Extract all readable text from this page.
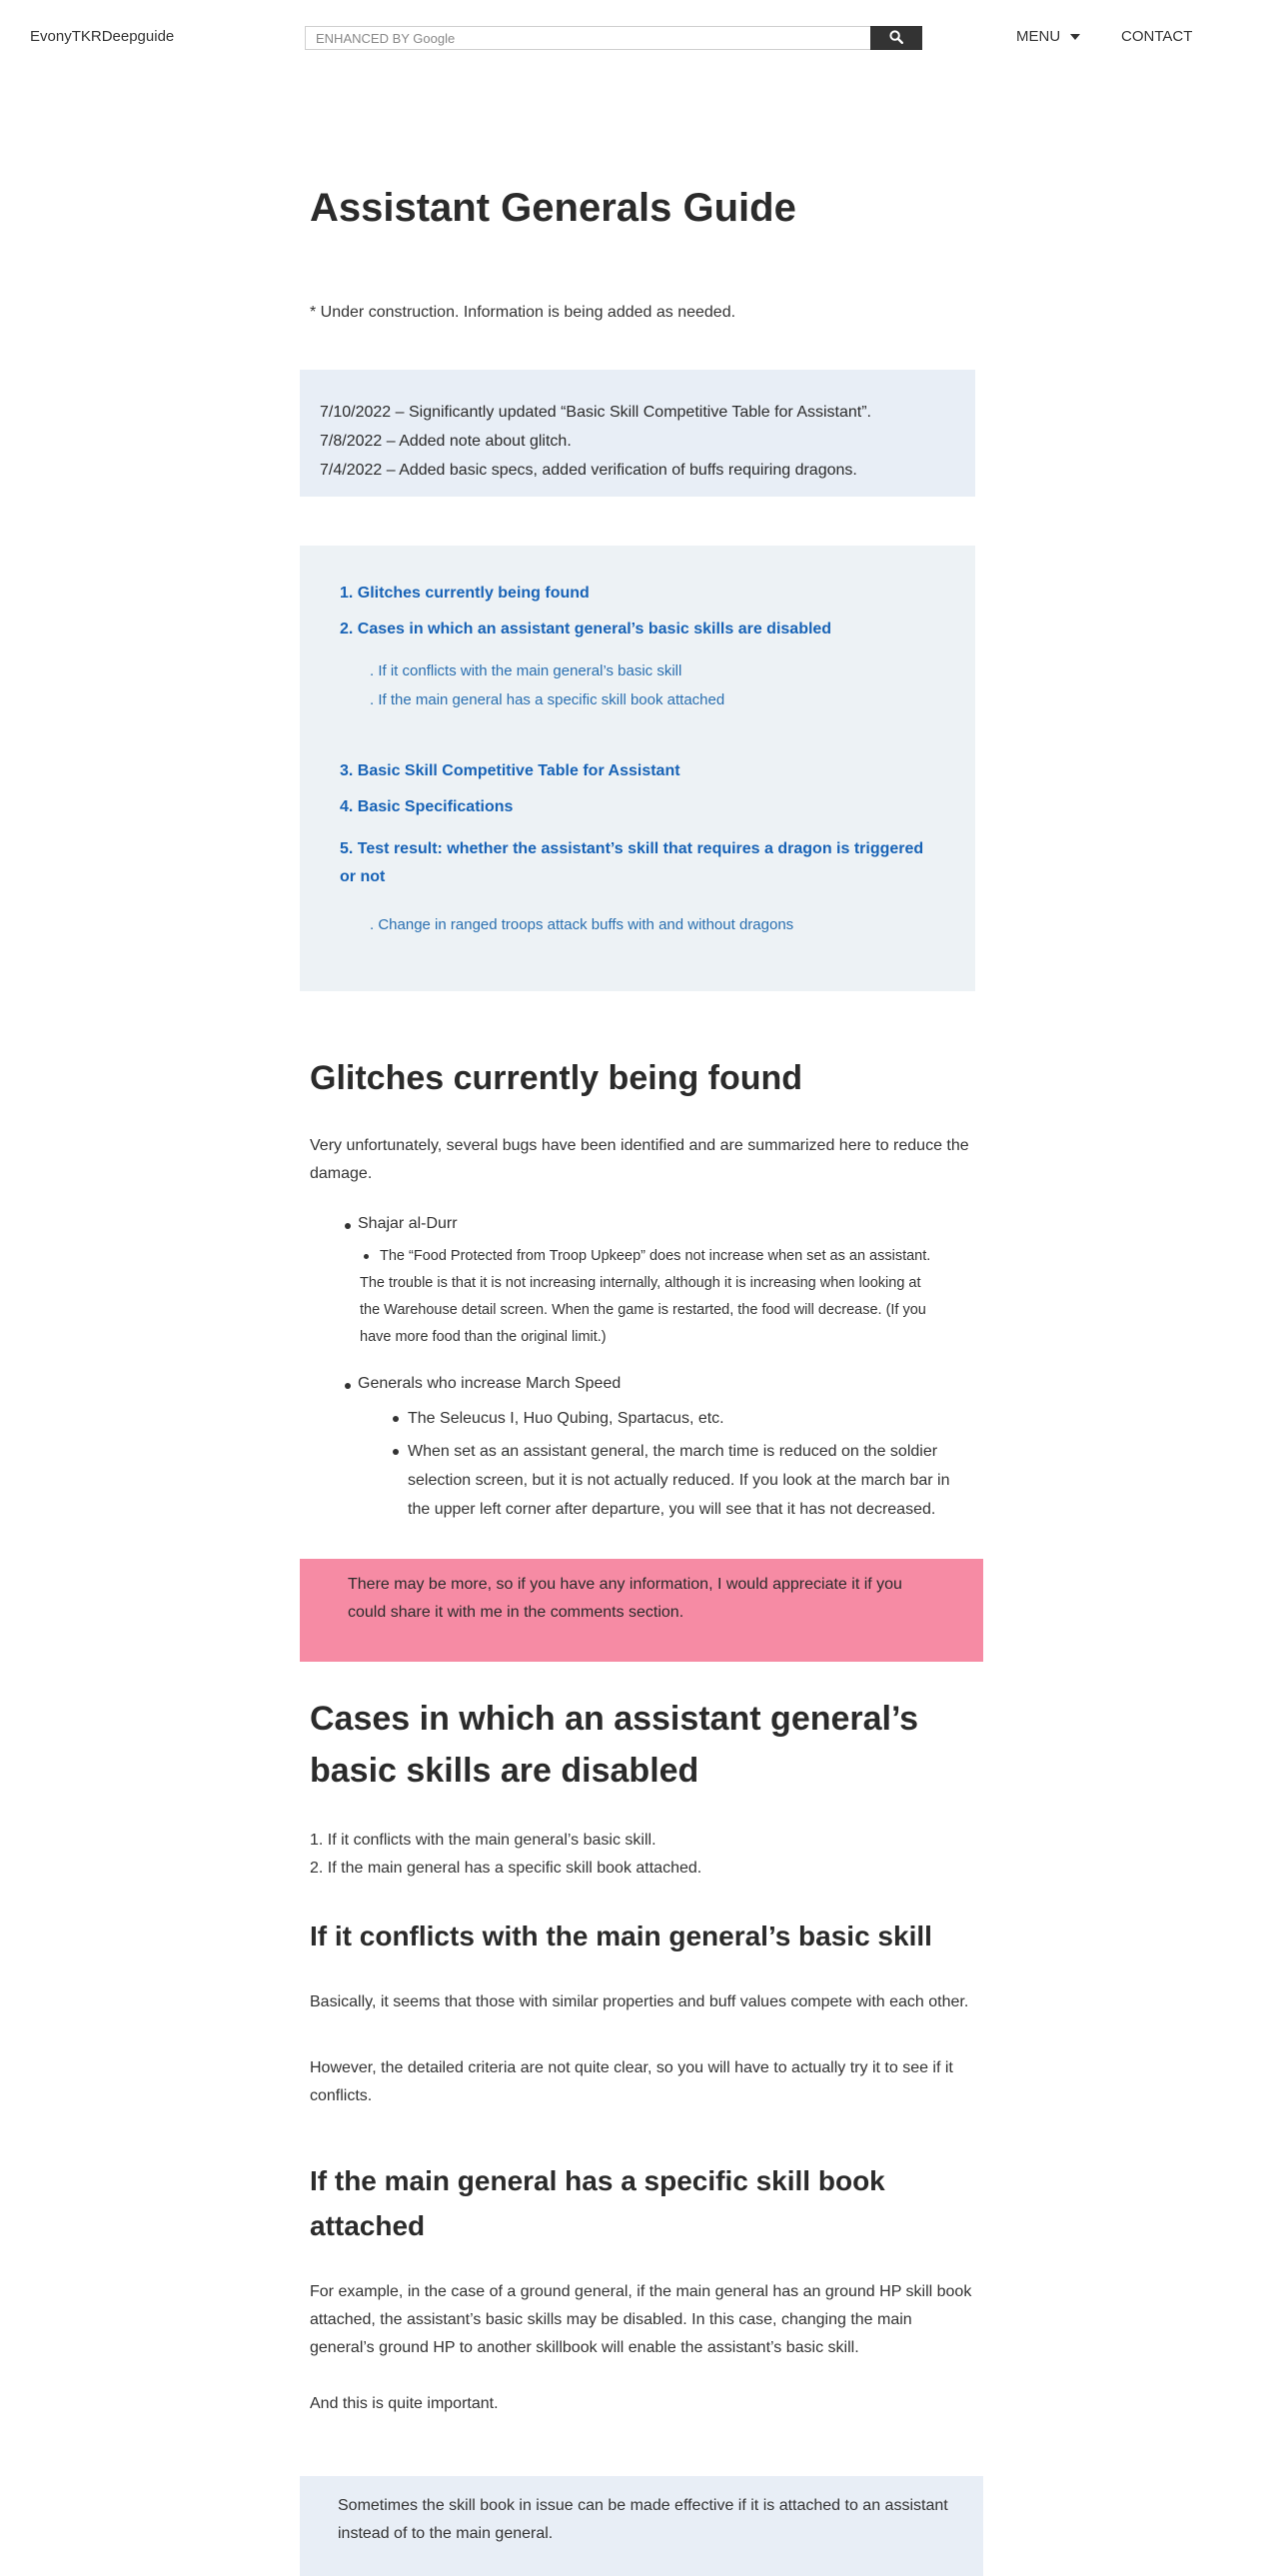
EvonyTKRDeepguide
ENHANCED BY Google	MENU	CONTACT
Assistant Generals Guide

* Under construction. Information is being added as needed.

7/10/2022 – Significantly updated “Basic Skill Competitive Table for Assistant”.

7/8/2022 – Added note about glitch.

7/4/2022 – Added basic specs, added verification of buffs requiring dragons.

1. Glitches currently being found

2. Cases in which an assistant general’s basic skills are disabled

. If it conflicts with the main general’s basic skill

. If the main general has a specific skill book attached

3. Basic Skill Competitive Table for Assistant

4. Basic Specifications

5. Test result: whether the assistant’s skill that requires a dragon is triggered

or not

. Change in ranged troops attack buffs with and without dragons

Glitches currently being found

Very unfortunately, several bugs have been identified and are summarized here to reduce the

damage.

Shajar al-Durr

The “Food Protected from Troop Upkeep” does not increase when set as an assistant.

The trouble is that it is not increasing internally, although it is increasing when looking at

the Warehouse detail screen. When the game is restarted, the food will decrease. (If you

have more food than the original limit.)

Generals who increase March Speed

The Seleucus I, Huo Qubing, Spartacus, etc.

When set as an assistant general, the march time is reduced on the soldier

selection screen, but it is not actually reduced. If you look at the march bar in

the upper left corner after departure, you will see that it has not decreased.

There may be more, so if you have any information, I would appreciate it if you

could share it with me in the comments section.

Cases in which an assistant general’s
basic skills are disabled

1. If it conflicts with the main general’s basic skill.

2. If the main general has a specific skill book attached.

If it conflicts with the main general’s basic skill

Basically, it seems that those with similar properties and buff values compete with each other.

However, the detailed criteria are not quite clear, so you will have to actually try it to see if it

conflicts.

If the main general has a specific skill book
attached

For example, in the case of a ground general, if the main general has an ground HP skill book

attached, the assistant’s basic skills may be disabled. In this case, changing the main

general’s ground HP to another skillbook will enable the assistant’s basic skill.

And this is quite important.

Sometimes the skill book in issue can be made effective if it is attached to an assistant

instead of to the main general.
